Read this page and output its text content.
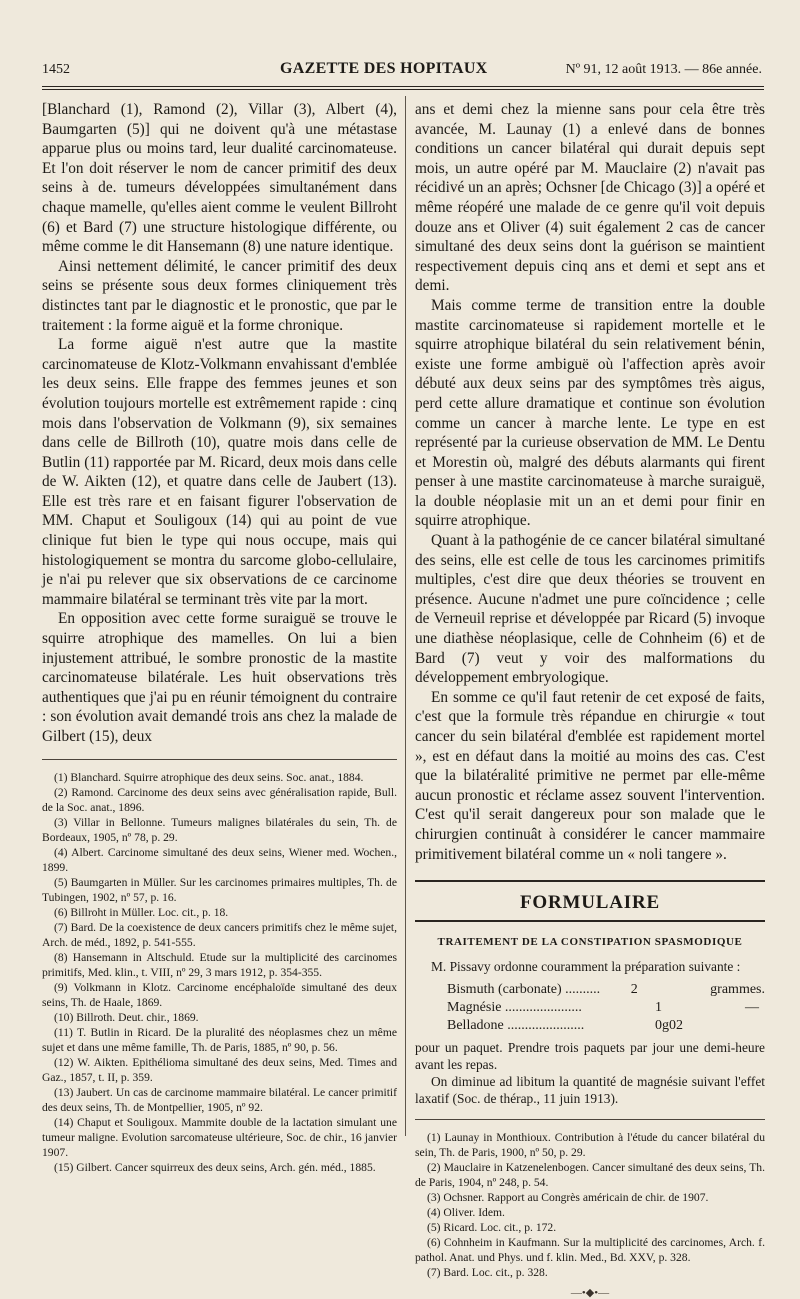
1452	GAZETTE DES HOPITAUX	Nº 91, 12 août 1913. — 86e année.

[Blanchard (1), Ramond (2), Villar (3), Albert (4), Baumgarten (5)] qui ne doivent qu'à une métastase apparue plus ou moins tard, leur dualité carcinomateuse. Et l'on doit réserver le nom de cancer primitif des deux seins à de. tumeurs développées simultanément dans chaque mamelle, qu'elles aient comme le veulent Billroht (6) et Bard (7) une structure histologique différente, ou même comme le dit Hansemann (8) une nature identique.

Ainsi nettement délimité, le cancer primitif des deux seins se présente sous deux formes cliniquement très distinctes tant par le diagnostic et le pronostic, que par le traitement : la forme aiguë et la forme chronique.

La forme aiguë n'est autre que la mastite carcinomateuse de Klotz-Volkmann envahissant d'emblée les deux seins. Elle frappe des femmes jeunes et son évolution toujours mortelle est extrêmement rapide : cinq mois dans l'observation de Volkmann (9), six semaines dans celle de Billroth (10), quatre mois dans celle de Butlin (11) rapportée par M. Ricard, deux mois dans celle de W. Aikten (12), et quatre dans celle de Jaubert (13). Elle est très rare et en faisant figurer l'observation de MM. Chaput et Souligoux (14) qui au point de vue clinique fut bien le type qui nous occupe, mais qui histologiquement se montra du sarcome globo-cellulaire, je n'ai pu relever que six observations de ce carcinome mammaire bilatéral se terminant très vite par la mort.

En opposition avec cette forme suraiguë se trouve le squirre atrophique des mamelles. On lui a bien injustement attribué, le sombre pronostic de la mastite carcinomateuse bilatérale. Les huit observations très authentiques que j'ai pu en réunir témoignent du contraire : son évolution avait demandé trois ans chez la malade de Gilbert (15), deux

(1) Blanchard. Squirre atrophique des deux seins. Soc. anat., 1884.

(2) Ramond. Carcinome des deux seins avec généralisation rapide, Bull. de la Soc. anat., 1896.

(3) Villar in Bellonne. Tumeurs malignes bilatérales du sein, Th. de Bordeaux, 1905, nº 78, p. 29.

(4) Albert. Carcinome simultané des deux seins, Wiener med. Wochen., 1899.

(5) Baumgarten in Müller. Sur les carcinomes primaires multiples, Th. de Tubingen, 1902, nº 57, p. 16.

(6) Billroht in Müller. Loc. cit., p. 18.

(7) Bard. De la coexistence de deux cancers primitifs chez le même sujet, Arch. de méd., 1892, p. 541-555.

(8) Hansemann in Altschuld. Etude sur la multiplicité des carcinomes primitifs, Med. klin., t. VIII, nº 29, 3 mars 1912, p. 354-355.

(9) Volkmann in Klotz. Carcinome encéphaloïde simultané des deux seins, Th. de Haale, 1869.

(10) Billroth. Deut. chir., 1869.

(11) T. Butlin in Ricard. De la pluralité des néoplasmes chez un même sujet et dans une même famille, Th. de Paris, 1885, nº 90, p. 56.

(12) W. Aikten. Epithélioma simultané des deux seins, Med. Times and Gaz., 1857, t. II, p. 359.

(13) Jaubert. Un cas de carcinome mammaire bilatéral. Le cancer primitif des deux seins, Th. de Montpellier, 1905, nº 92.

(14) Chaput et Souligoux. Mammite double de la lactation simulant une tumeur maligne. Evolution sarcomateuse ultérieure, Soc. de chir., 16 janvier 1907.

(15) Gilbert. Cancer squirreux des deux seins, Arch. gén. méd., 1885.

ans et demi chez la mienne sans pour cela être très avancée, M. Launay (1) a enlevé dans de bonnes conditions un cancer bilatéral qui durait depuis sept mois, un autre opéré par M. Mauclaire (2) n'avait pas récidivé un an après; Ochsner [de Chicago (3)] a opéré et même réopéré une malade de ce genre qu'il voit depuis douze ans et Oliver (4) suit également 2 cas de cancer simultané des deux seins dont la guérison se maintient respectivement depuis cinq ans et demi et sept ans et demi.

Mais comme terme de transition entre la double mastite carcinomateuse si rapidement mortelle et le squirre atrophique bilatéral du sein relativement bénin, existe une forme ambiguë où l'affection après avoir débuté aux deux seins par des symptômes très aigus, perd cette allure dramatique et continue son évolution comme un cancer à marche lente. Le type en est représenté par la curieuse observation de MM. Le Dentu et Morestin où, malgré des débuts alarmants qui firent penser à une mastite carcinomateuse à marche suraiguë, la double néoplasie mit un an et demi pour finir en squirre atrophique.

Quant à la pathogénie de ce cancer bilatéral simultané des seins, elle est celle de tous les carcinomes primitifs multiples, c'est dire que deux théories se trouvent en présence. Aucune n'admet une pure coïncidence ; celle de Verneuil reprise et développée par Ricard (5) invoque une diathèse néoplasique, celle de Cohnheim (6) et de Bard (7) veut y voir des malformations du développement embryologique.

En somme ce qu'il faut retenir de cet exposé de faits, c'est que la formule très répandue en chirurgie « tout cancer du sein bilatéral d'emblée est rapidement mortel », est en défaut dans la moitié au moins des cas. C'est que la bilatéralité primitive ne permet par elle-même aucun pronostic et réclame assez souvent l'intervention. C'est qu'il serait dangereux pour son malade que le chirurgien continuât à considérer le cancer mammaire primitivement bilatéral comme un « noli tangere ».

FORMULAIRE
TRAITEMENT DE LA CONSTIPATION SPASMODIQUE

M. Pissavy ordonne couramment la préparation suivante :

Bismuth (carbonate) ..........	2	grammes.
Magnésie ......................	1	—
Belladone ......................	0g02

pour un paquet. Prendre trois paquets par jour une demi-heure avant les repas.

On diminue ad libitum la quantité de magnésie suivant l'effet laxatif (Soc. de thérap., 11 juin 1913).

(1) Launay in Monthioux. Contribution à l'étude du cancer bilatéral du sein, Th. de Paris, 1900, nº 50, p. 29.

(2) Mauclaire in Katzenelenbogen. Cancer simultané des deux seins, Th. de Paris, 1904, nº 248, p. 54.

(3) Ochsner. Rapport au Congrès américain de chir. de 1907.

(4) Oliver. Idem.

(5) Ricard. Loc. cit., p. 172.

(6) Cohnheim in Kaufmann. Sur la multiplicité des carcinomes, Arch. f. pathol. Anat. und Phys. und f. klin. Med., Bd. XXV, p. 328.

(7) Bard. Loc. cit., p. 328.

—•◆•—
